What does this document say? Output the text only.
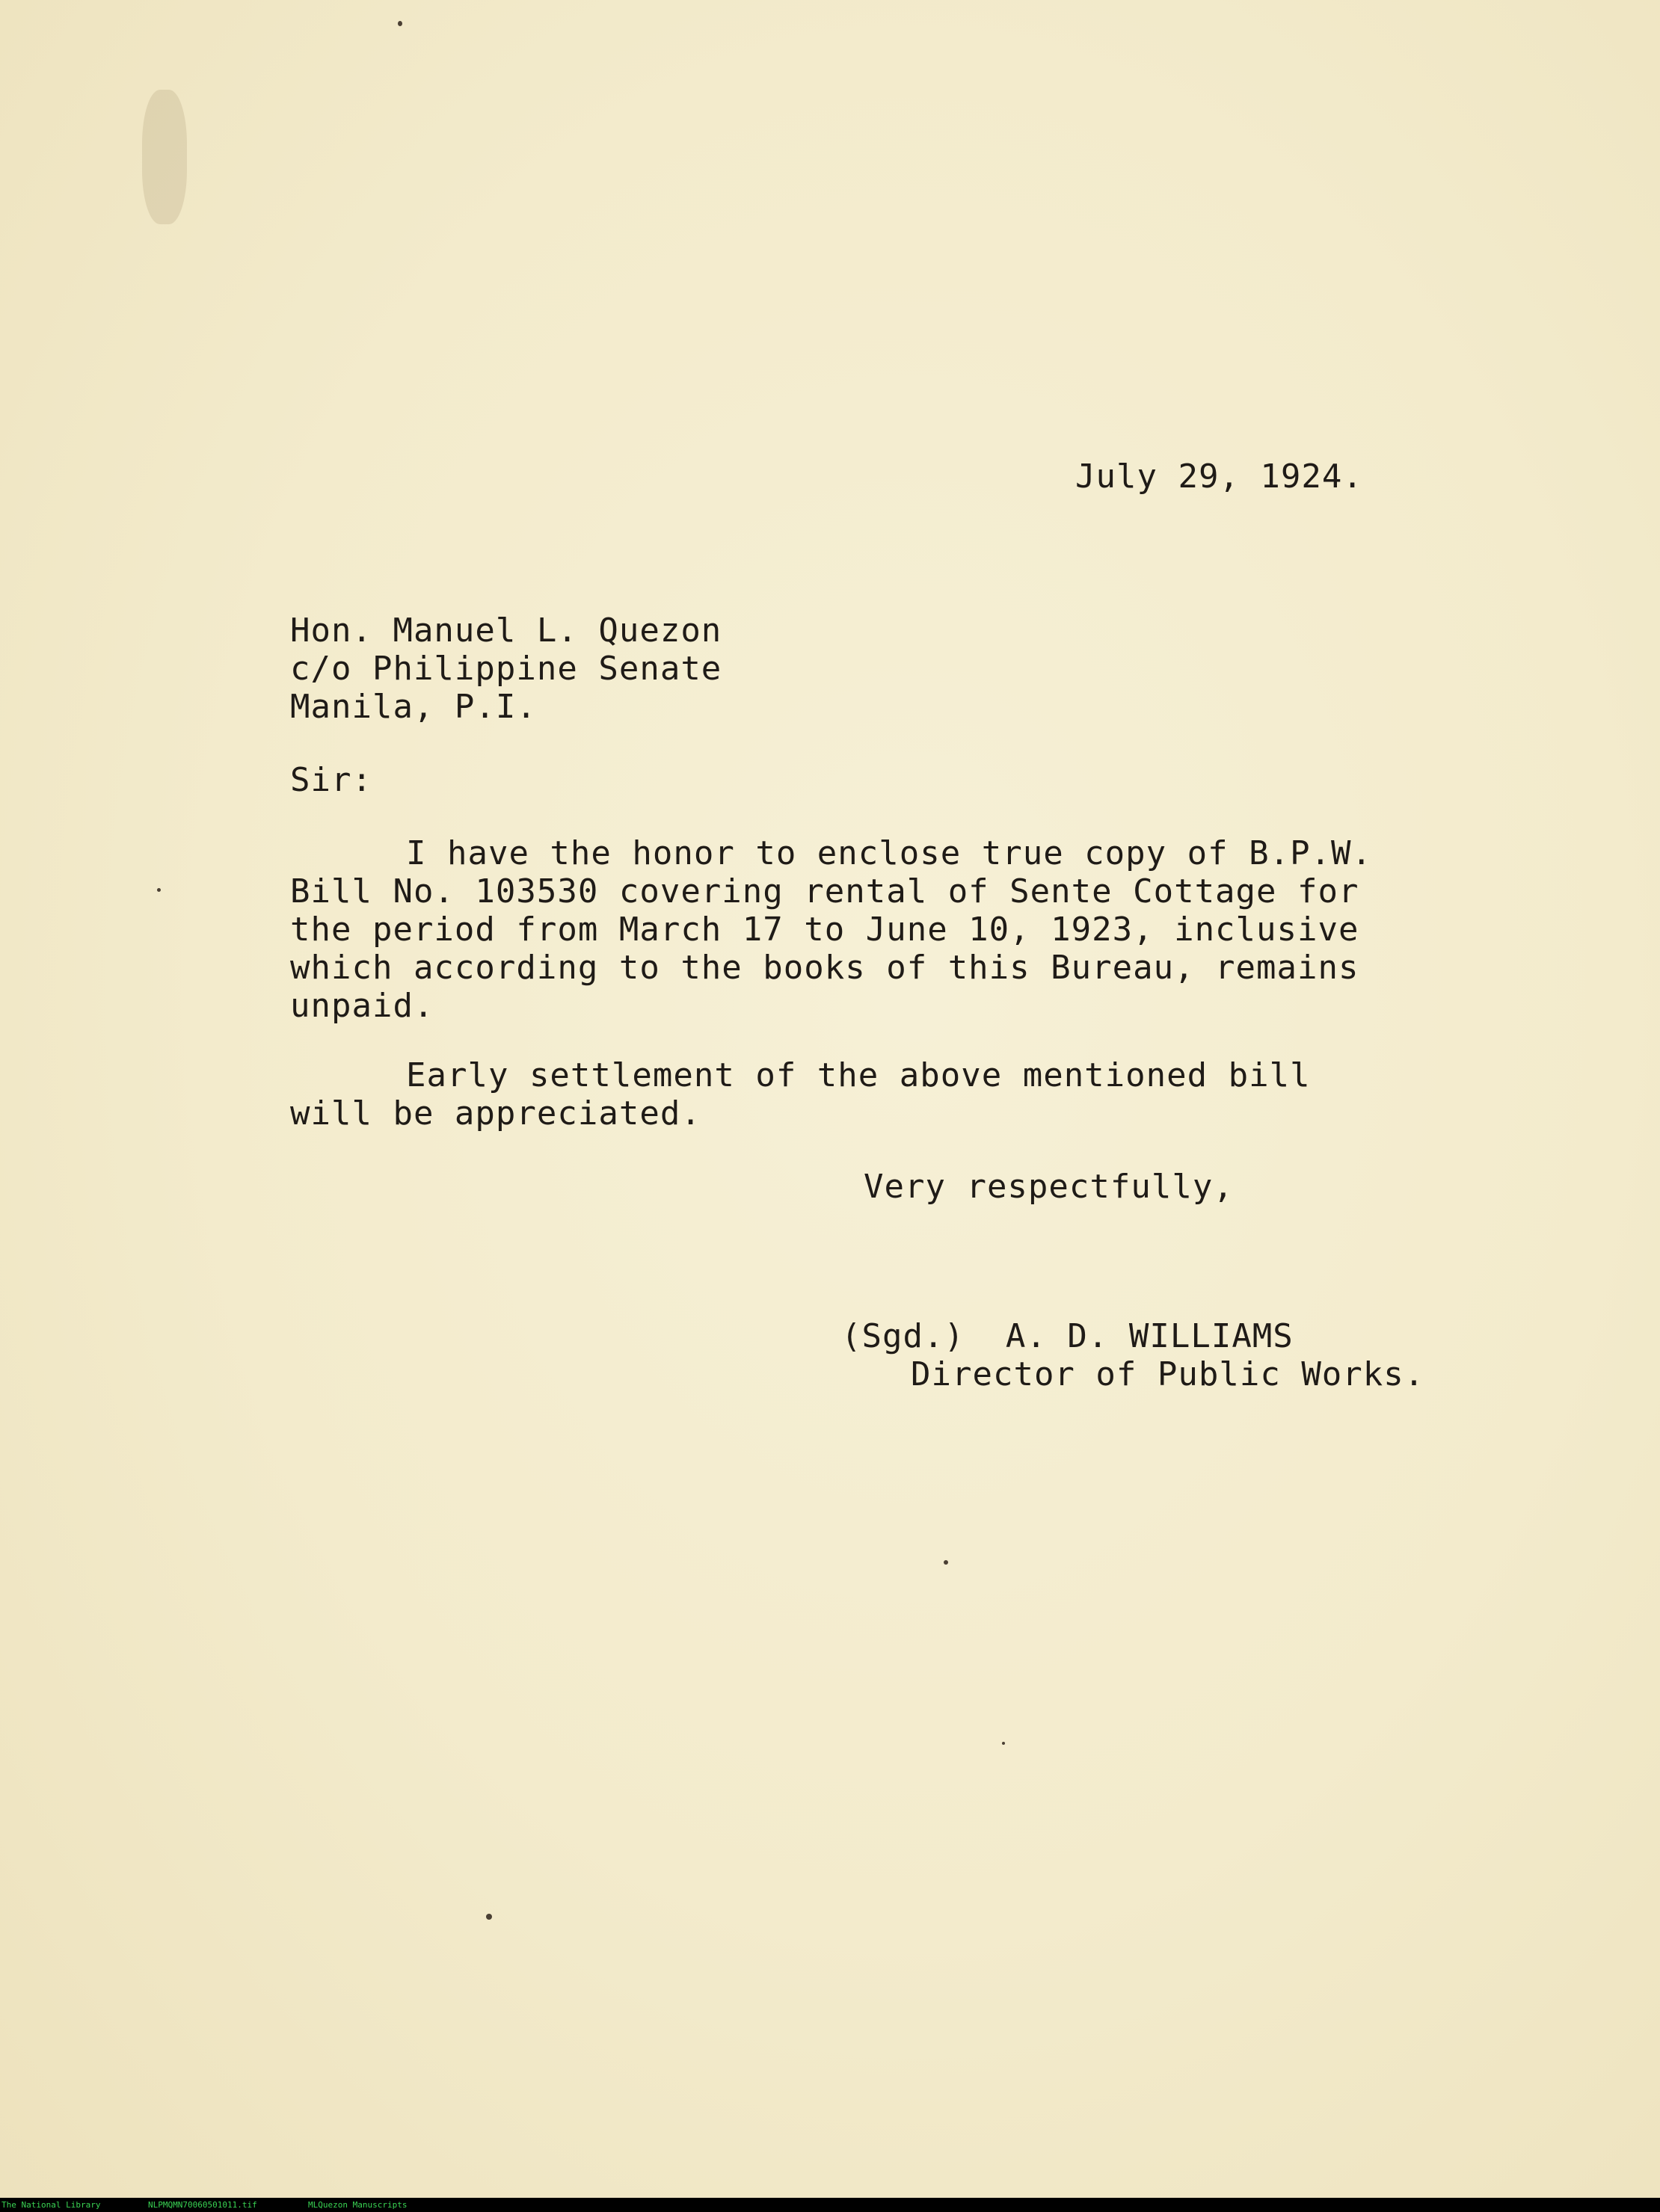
July 29, 1924.

Hon. Manuel L. Quezon

c/o Philippine Senate

Manila, P.I.

Sir:

I have the honor to enclose true copy of B.P.W.

Bill No. 103530 covering rental of Sente Cottage for

the period from March 17 to June 10, 1923, inclusive

which according to the books of this Bureau, remains

unpaid.

Early settlement of the above mentioned bill

will be appreciated.

Very respectfully,

(Sgd.)  A. D. WILLIAMS

Director of Public Works.

The National Library	NLPMQMN70060501011.tif	MLQuezon Manuscripts
